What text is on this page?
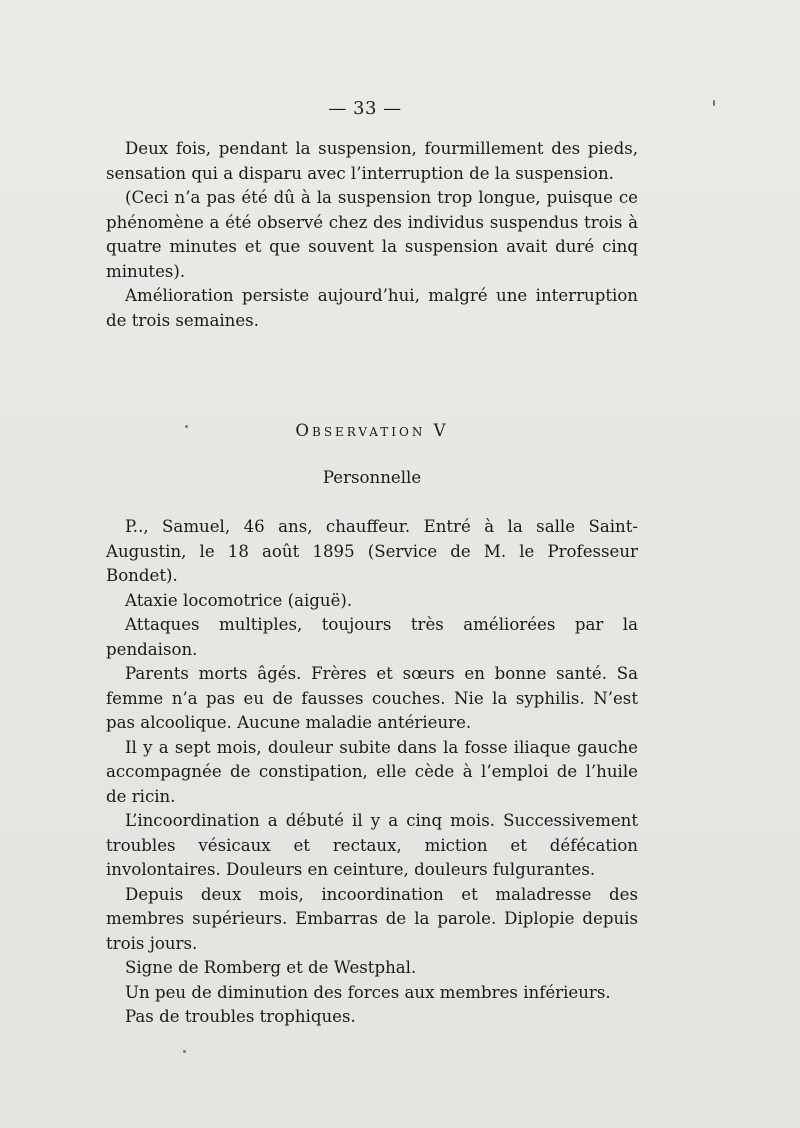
— 33 —

Deux fois, pendant la suspension, fourmillement des pieds, sensation qui a disparu avec l’interruption de la suspension.

(Ceci n’a pas été dû à la suspension trop longue, puisque ce phénomène a été observé chez des individus suspendus trois à quatre minutes et que souvent la suspension avait duré cinq minutes).

Amélioration persiste aujourd’hui, malgré une interruption de trois semaines.

Observation V
Personnelle

P.., Samuel, 46 ans, chauffeur. Entré à la salle Saint-Augustin, le 18 août 1895 (Service de M. le Professeur Bondet).

Ataxie locomotrice (aiguë).

Attaques multiples, toujours très améliorées par la pendaison.

Parents morts âgés. Frères et sœurs en bonne santé. Sa femme n’a pas eu de fausses couches. Nie la syphilis. N’est pas alcoolique. Aucune maladie antérieure.

Il y a sept mois, douleur subite dans la fosse iliaque gauche accompagnée de constipation, elle cède à l’emploi de l’huile de ricin.

L’incoordination a débuté il y a cinq mois. Successivement troubles vésicaux et rectaux, miction et défécation involontaires. Douleurs en ceinture, douleurs fulgurantes.

Depuis deux mois, incoordination et maladresse des membres supérieurs. Embarras de la parole. Diplopie depuis trois jours.

Signe de Romberg et de Westphal.

Un peu de diminution des forces aux membres inférieurs.

Pas de troubles trophiques.
